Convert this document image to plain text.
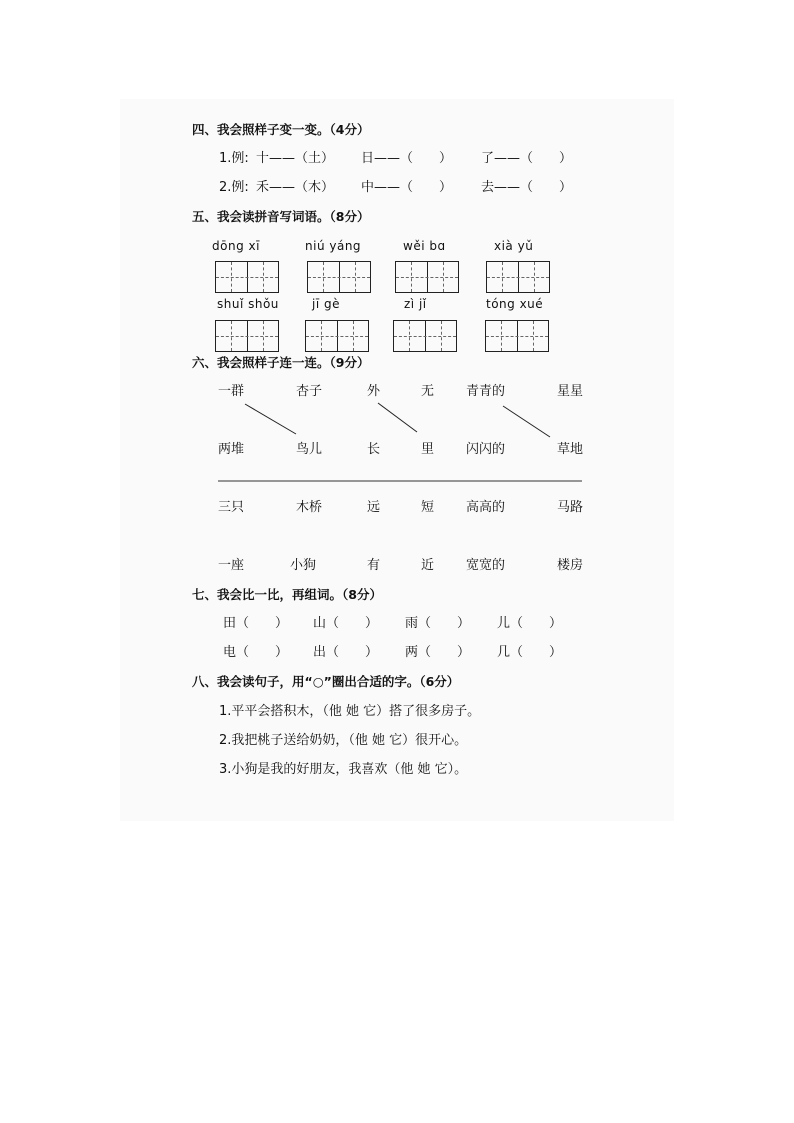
四、我会照样子变一变。（4分）
1.例: 十——（土） 日——（　　） 了——（　　）
2.例: 禾——（木） 中——（　　） 去——（　　）
五、我会读拼音写词语。（8分）
dōng xī	niú yáng	wěi bɑ	xià yǔ
shuǐ shǒu	jī gè	zì jǐ	tóng xué
六、我会照样子连一连。（9分）
一群	杏子	外	无 青青的	星星
两堆	鸟儿	长	里 闪闪的	草地
三只	木桥	远	短 高高的	马路
一座	小狗	有	近 宽宽的	楼房
七、我会比一比，再组词。（8分）
田（　　） 山（　　） 雨（　　） 儿（　　）
电（　　） 出（　　） 两（　　） 几（　　）
八、我会读句子，用“○”圈出合适的字。（6分）
1.平平会搭积木，（他 她 它）搭了很多房子。
2.我把桃子送给奶奶，（他 她 它）很开心。
3.小狗是我的好朋友，我喜欢（他 她 它）。
